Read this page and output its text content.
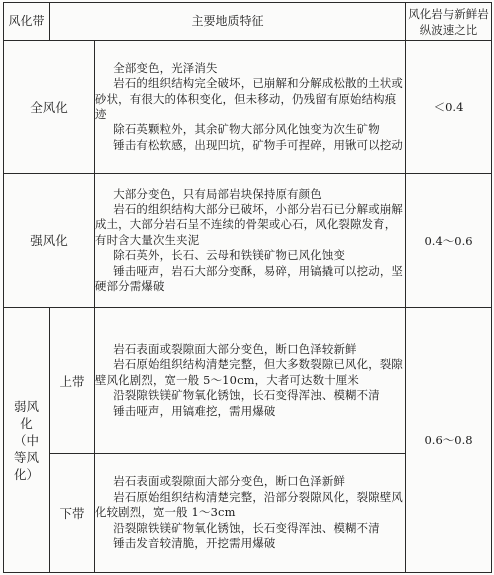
风化带	主要地质特征		风化岩与新鲜岩纵波速之比
全风化		全部变色，光泽消失
岩石的组织结构完全破坏，已崩解和分解成松散的土状或砂状，有很大的体积变化，但未移动，仍残留有原始结构痕迹
除石英颗粒外，其余矿物大部分风化蚀变为次生矿物
锤击有松软感，出现凹坑，矿物手可捏碎，用锹可以挖动	＜0.4
强风化		大部分变色，只有局部岩块保持原有颜色
岩石的组织结构大部分已破坏，小部分岩石已分解或崩解成土，大部分岩石呈不连续的骨架或心石，风化裂隙发育，有时含大量次生夹泥
除石英外，长石、云母和铁镁矿物已风化蚀变
锤击哑声，岩石大部分变酥，易碎，用镐撬可以挖动，坚硬部分需爆破	0.4～0.6
弱风化（中等风化）	上带	岩石表面或裂隙面大部分变色，断口色泽较新鲜
岩石原始组织结构清楚完整，但大多数裂隙已风化，裂隙壁风化剧烈，宽一般 5～10cm，大者可达数十厘米
沿裂隙铁镁矿物氧化锈蚀，长石变得浑浊、模糊不清
锤击哑声，用镐难挖，需用爆破	0.6～0.8
	下带	岩石表面或裂隙面大部分变色，断口色泽新鲜
岩石原始组织结构清楚完整，沿部分裂隙风化，裂隙壁风化较剧烈，宽一般 1～3cm
沿裂隙铁镁矿物氧化锈蚀，长石变得浑浊、模糊不清
锤击发音较清脆，开挖需用爆破	
